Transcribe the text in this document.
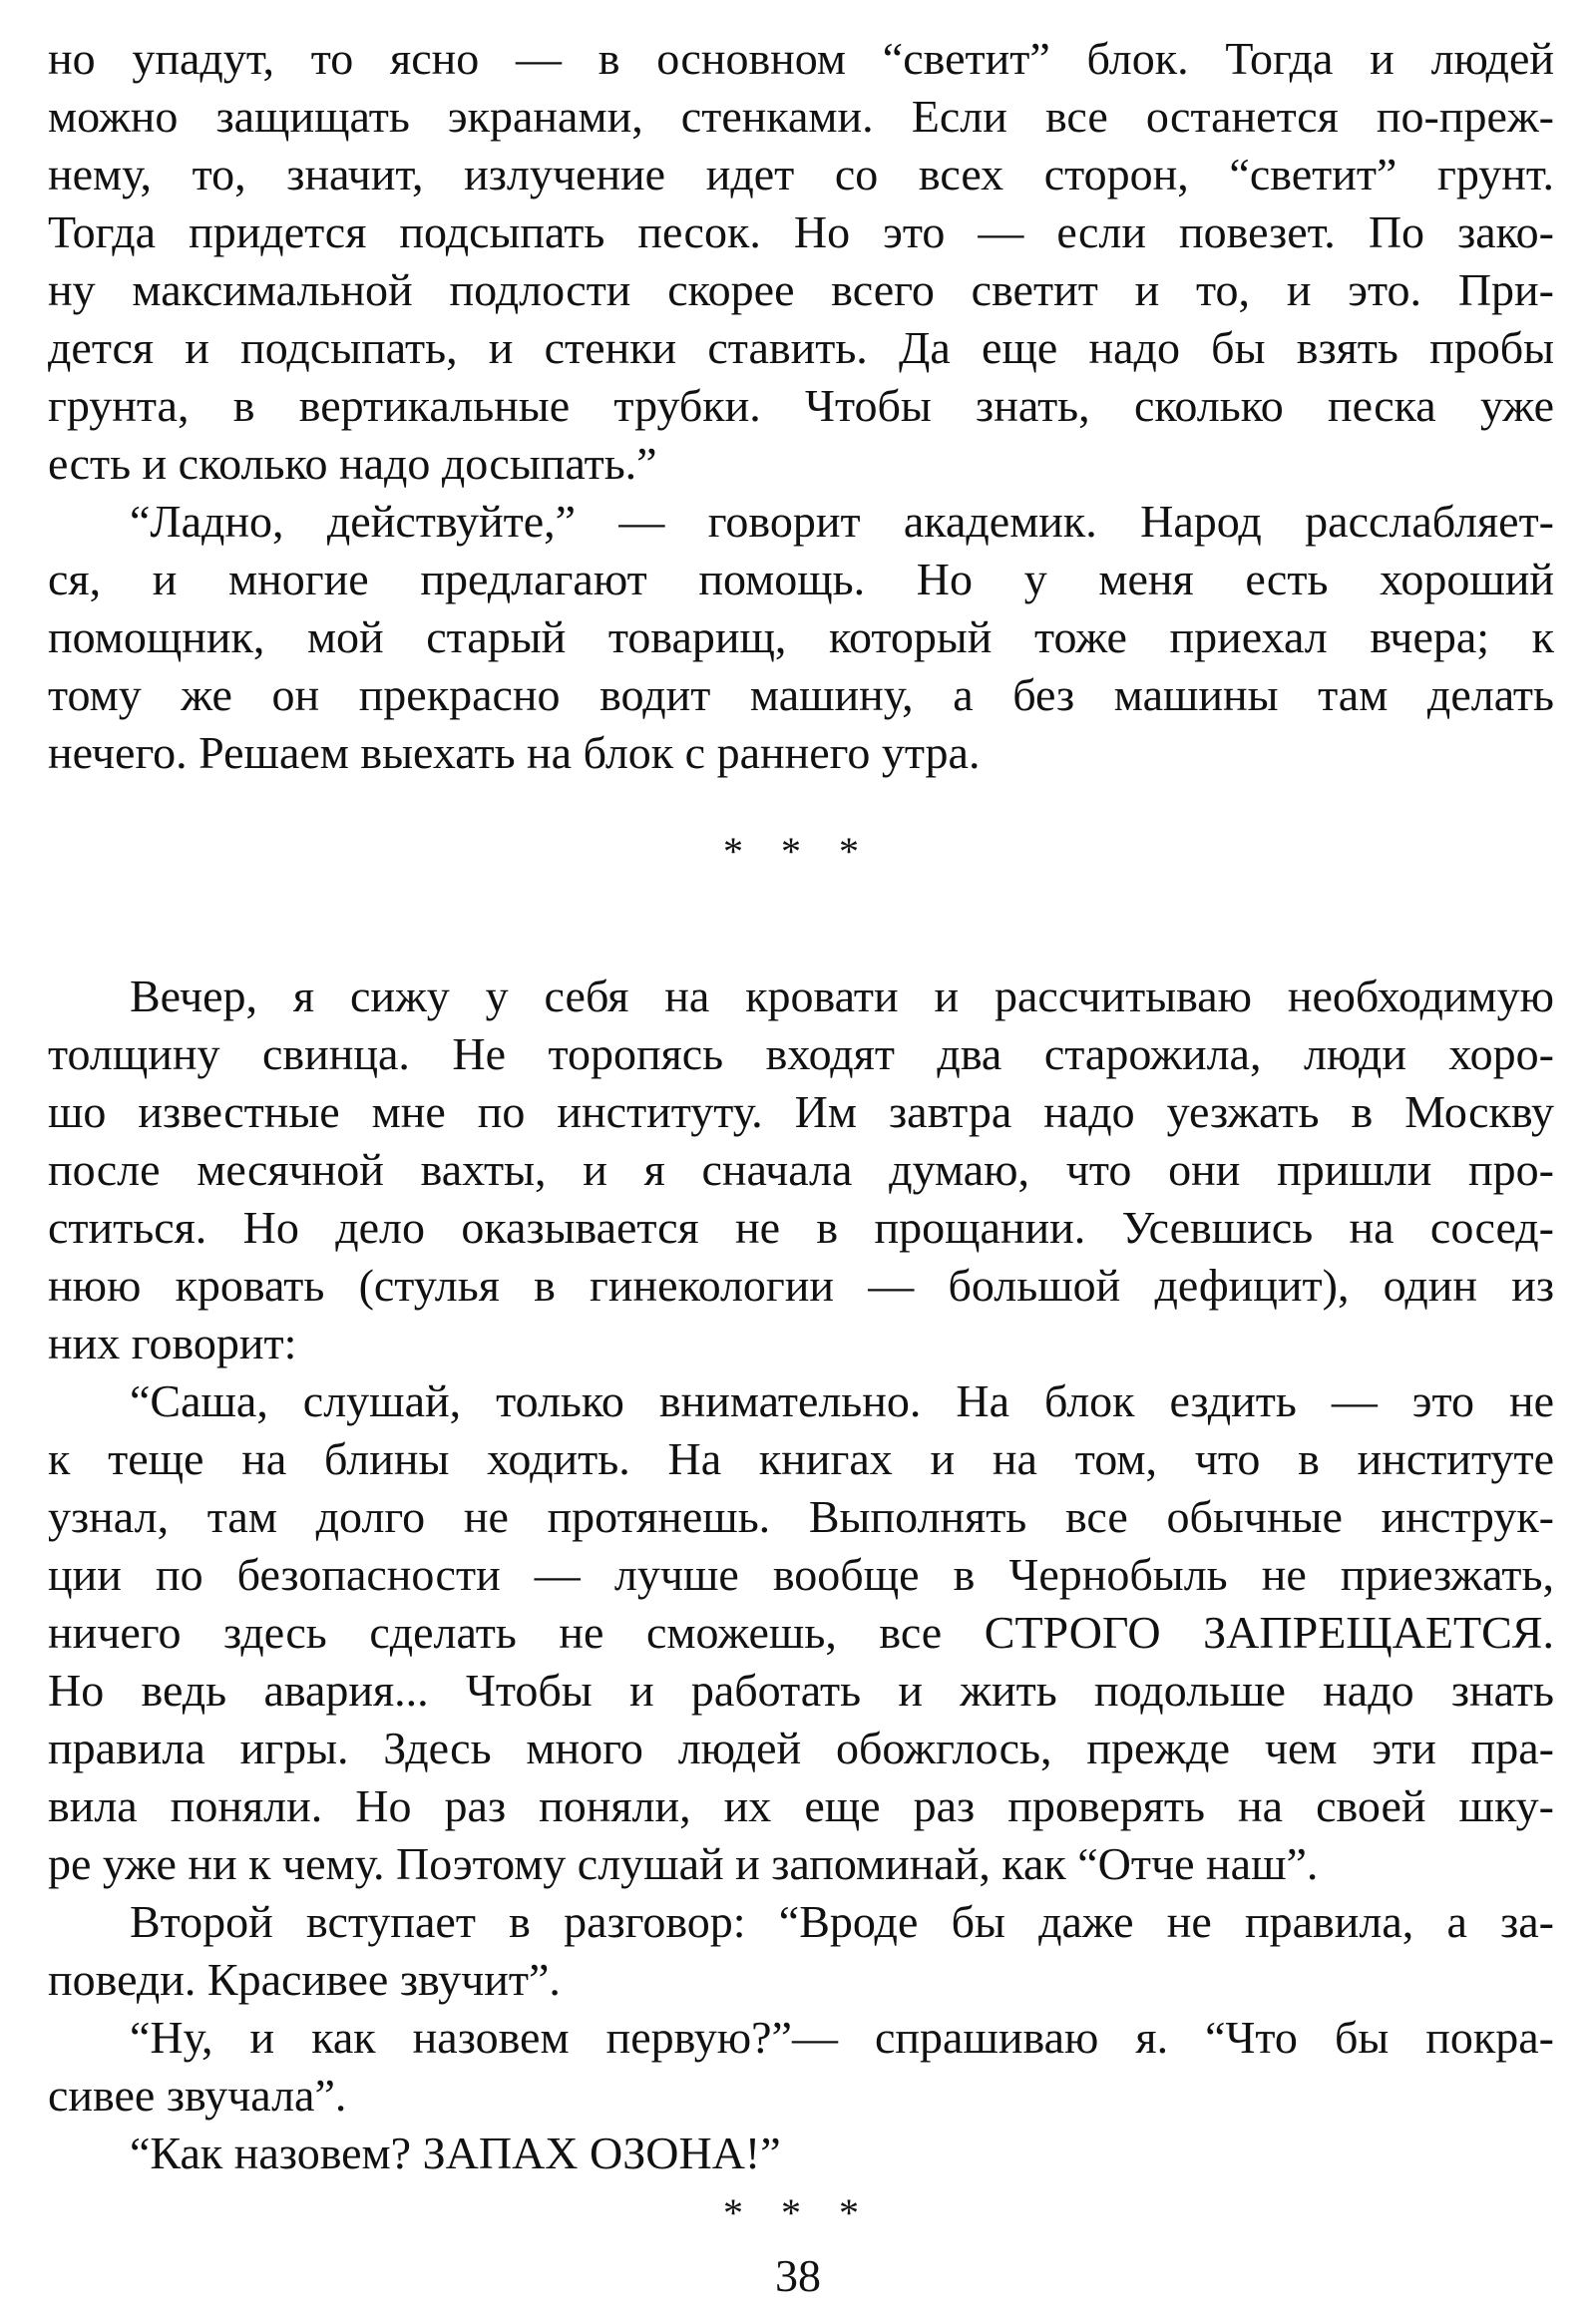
но упадут, то ясно — в основном “светит” блок. Тогда и людей
можно защищать экранами, стенками. Если все останется по-преж-
нему, то, значит, излучение идет со всех сторон, “светит” грунт.
Тогда придется подсыпать песок. Но это — если повезет. По зако-
ну максимальной подлости скорее всего светит и то, и это. При-
дется и подсыпать, и стенки ставить. Да еще надо бы взять пробы
грунта, в вертикальные трубки. Чтобы знать, сколько песка уже
есть и сколько надо досыпать.”
“Ладно, действуйте,” — говорит академик. Народ расслабляет-
ся, и многие предлагают помощь. Но у меня есть хороший
помощник, мой старый товарищ, который тоже приехал вчера; к
тому же он прекрасно водит машину, а без машины там делать
нечего. Решаем выехать на блок с раннего утра.
* * *
Вечер, я сижу у себя на кровати и рассчитываю необходимую
толщину свинца. Не торопясь входят два старожила, люди хоро-
шо известные мне по институту. Им завтра надо уезжать в Москву
после месячной вахты, и я сначала думаю, что они пришли про-
ститься. Но дело оказывается не в прощании. Усевшись на сосед-
нюю кровать (стулья в гинекологии — большой дефицит), один из
них говорит:
“Саша, слушай, только внимательно. На блок ездить — это не
к теще на блины ходить. На книгах и на том, что в институте
узнал, там долго не протянешь. Выполнять все обычные инструк-
ции по безопасности — лучше вообще в Чернобыль не приезжать,
ничего здесь сделать не сможешь, все СТРОГО ЗАПРЕЩАЕТСЯ.
Но ведь авария... Чтобы и работать и жить подольше надо знать
правила игры. Здесь много людей обожглось, прежде чем эти пра-
вила поняли. Но раз поняли, их еще раз проверять на своей шку-
ре уже ни к чему. Поэтому слушай и запоминай, как “Отче наш”.
Второй вступает в разговор: “Вроде бы даже не правила, а за-
поведи. Красивее звучит”.
“Ну, и как назовем первую?”— спрашиваю я. “Что бы покра-
сивее звучала”.
“Как назовем? ЗАПАХ ОЗОНА!”
* * *
38
